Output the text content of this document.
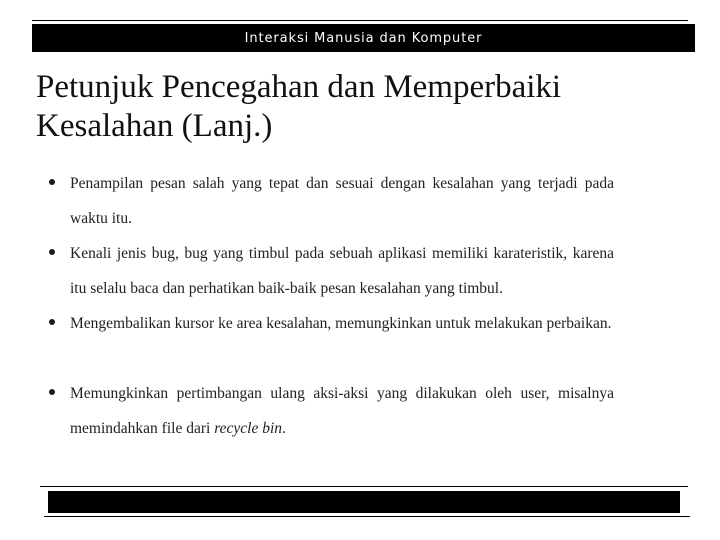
Interaksi Manusia dan Komputer
Petunjuk Pencegahan dan Memperbaiki Kesalahan (Lanj.)
Penampilan pesan salah yang tepat dan sesuai dengan kesalahan yang terjadi pada waktu itu.
Kenali jenis bug, bug yang timbul pada sebuah aplikasi memiliki karateristik, karena itu selalu baca dan perhatikan baik-baik pesan kesalahan yang timbul.
Mengembalikan kursor ke area kesalahan, memungkinkan untuk melakukan perbaikan.
Memungkinkan pertimbangan ulang aksi-aksi yang dilakukan oleh user, misalnya memindahkan file dari recycle bin.
